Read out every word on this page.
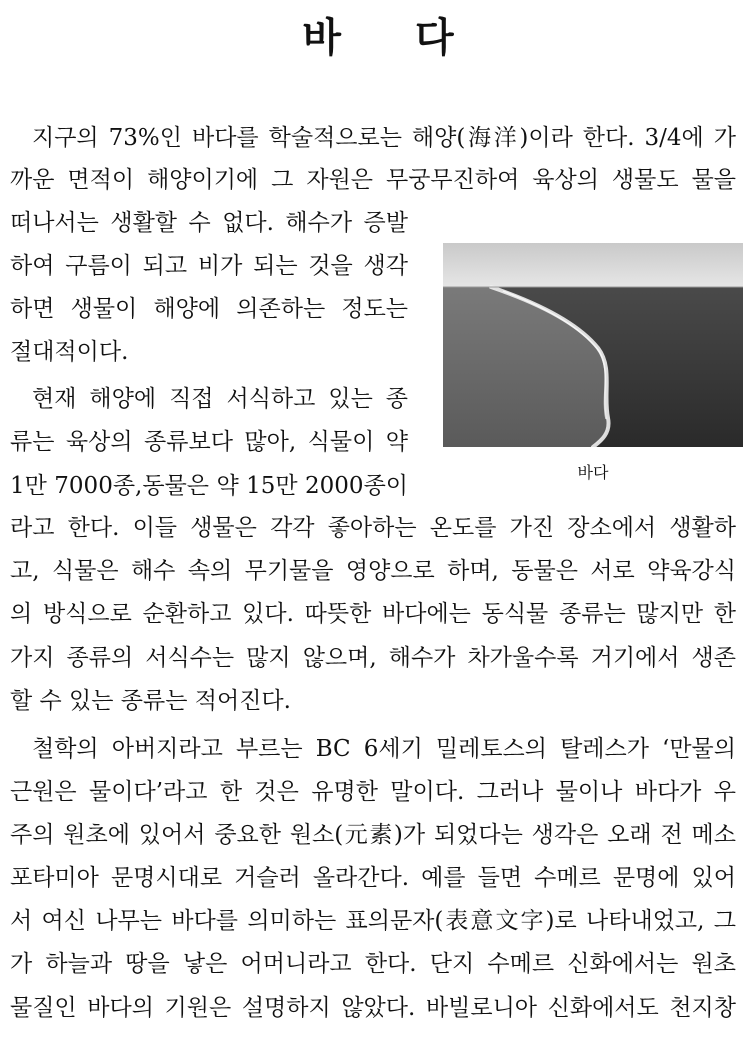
바 다
지구의 73%인 바다를 학술적으로는 해양(海洋)이라 한다. 3/4에 가
까운 면적이 해양이기에 그 자원은 무궁무진하여 육상의 생물도 물을
떠나서는 생활할 수 없다. 해수가 증발
하여 구름이 되고 비가 되는 것을 생각
하면 생물이 해양에 의존하는 정도는
절대적이다.
현재 해양에 직접 서식하고 있는 종
류는 육상의 종류보다 많아, 식물이 약
1만 7000종,동물은 약 15만 2000종이
라고 한다. 이들 생물은 각각 좋아하는 온도를 가진 장소에서 생활하
고, 식물은 해수 속의 무기물을 영양으로 하며, 동물은 서로 약육강식
의 방식으로 순환하고 있다. 따뜻한 바다에는 동식물 종류는 많지만 한
가지 종류의 서식수는 많지 않으며, 해수가 차가울수록 거기에서 생존
할 수 있는 종류는 적어진다.
철학의 아버지라고 부르는 BC 6세기 밀레토스의 탈레스가 ‘만물의
근원은 물이다’라고 한 것은 유명한 말이다. 그러나 물이나 바다가 우
주의 원초에 있어서 중요한 원소(元素)가 되었다는 생각은 오래 전 메소
포타미아 문명시대로 거슬러 올라간다. 예를 들면 수메르 문명에 있어
서 여신 나무는 바다를 의미하는 표의문자(表意文字)로 나타내었고, 그
가 하늘과 땅을 낳은 어머니라고 한다. 단지 수메르 신화에서는 원초
물질인 바다의 기원은 설명하지 않았다. 바빌로니아 신화에서도 천지창
바다
